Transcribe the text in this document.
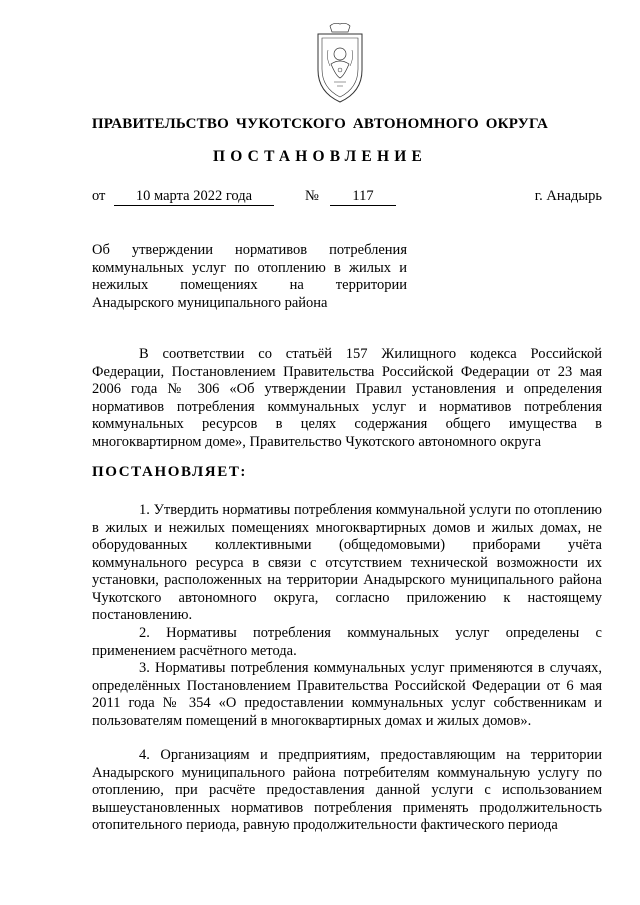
ПРАВИТЕЛЬСТВО ЧУКОТСКОГО АВТОНОМНОГО ОКРУГА
ПОСТАНОВЛЕНИЕ
от	10 марта 2022 года	№	117	г. Анадырь
Об утверждении нормативов потребления коммунальных услуг по отоплению в жилых и нежилых помещениях на территории Анадырского муниципального района

В соответствии со статьёй 157 Жилищного кодекса Российской Федерации, Постановлением Правительства Российской Федерации от 23 мая 2006 года № 306 «Об утверждении Правил установления и определения нормативов потребления коммунальных услуг и нормативов потребления коммунальных ресурсов в целях содержания общего имущества в многоквартирном доме», Правительство Чукотского автономного округа

ПОСТАНОВЛЯЕТ:

1. Утвердить нормативы потребления коммунальной услуги по отоплению в жилых и нежилых помещениях многоквартирных домов и жилых домах, не оборудованных коллективными (общедомовыми) приборами учёта коммунального ресурса в связи с отсутствием технической возможности их установки, расположенных на территории Анадырского муниципального района Чукотского автономного округа, согласно приложению к настоящему постановлению.

2. Нормативы потребления коммунальных услуг определены с применением расчётного метода.

3. Нормативы потребления коммунальных услуг применяются в случаях, определённых Постановлением Правительства Российской Федерации от 6 мая 2011 года № 354 «О предоставлении коммунальных услуг собственникам и пользователям помещений в многоквартирных домах и жилых домов».

4. Организациям и предприятиям, предоставляющим на территории Анадырского муниципального района потребителям коммунальную услугу по отоплению, при расчёте предоставления данной услуги с использованием вышеустановленных нормативов потребления применять продолжительность отопительного периода, равную продолжительности фактического периода
